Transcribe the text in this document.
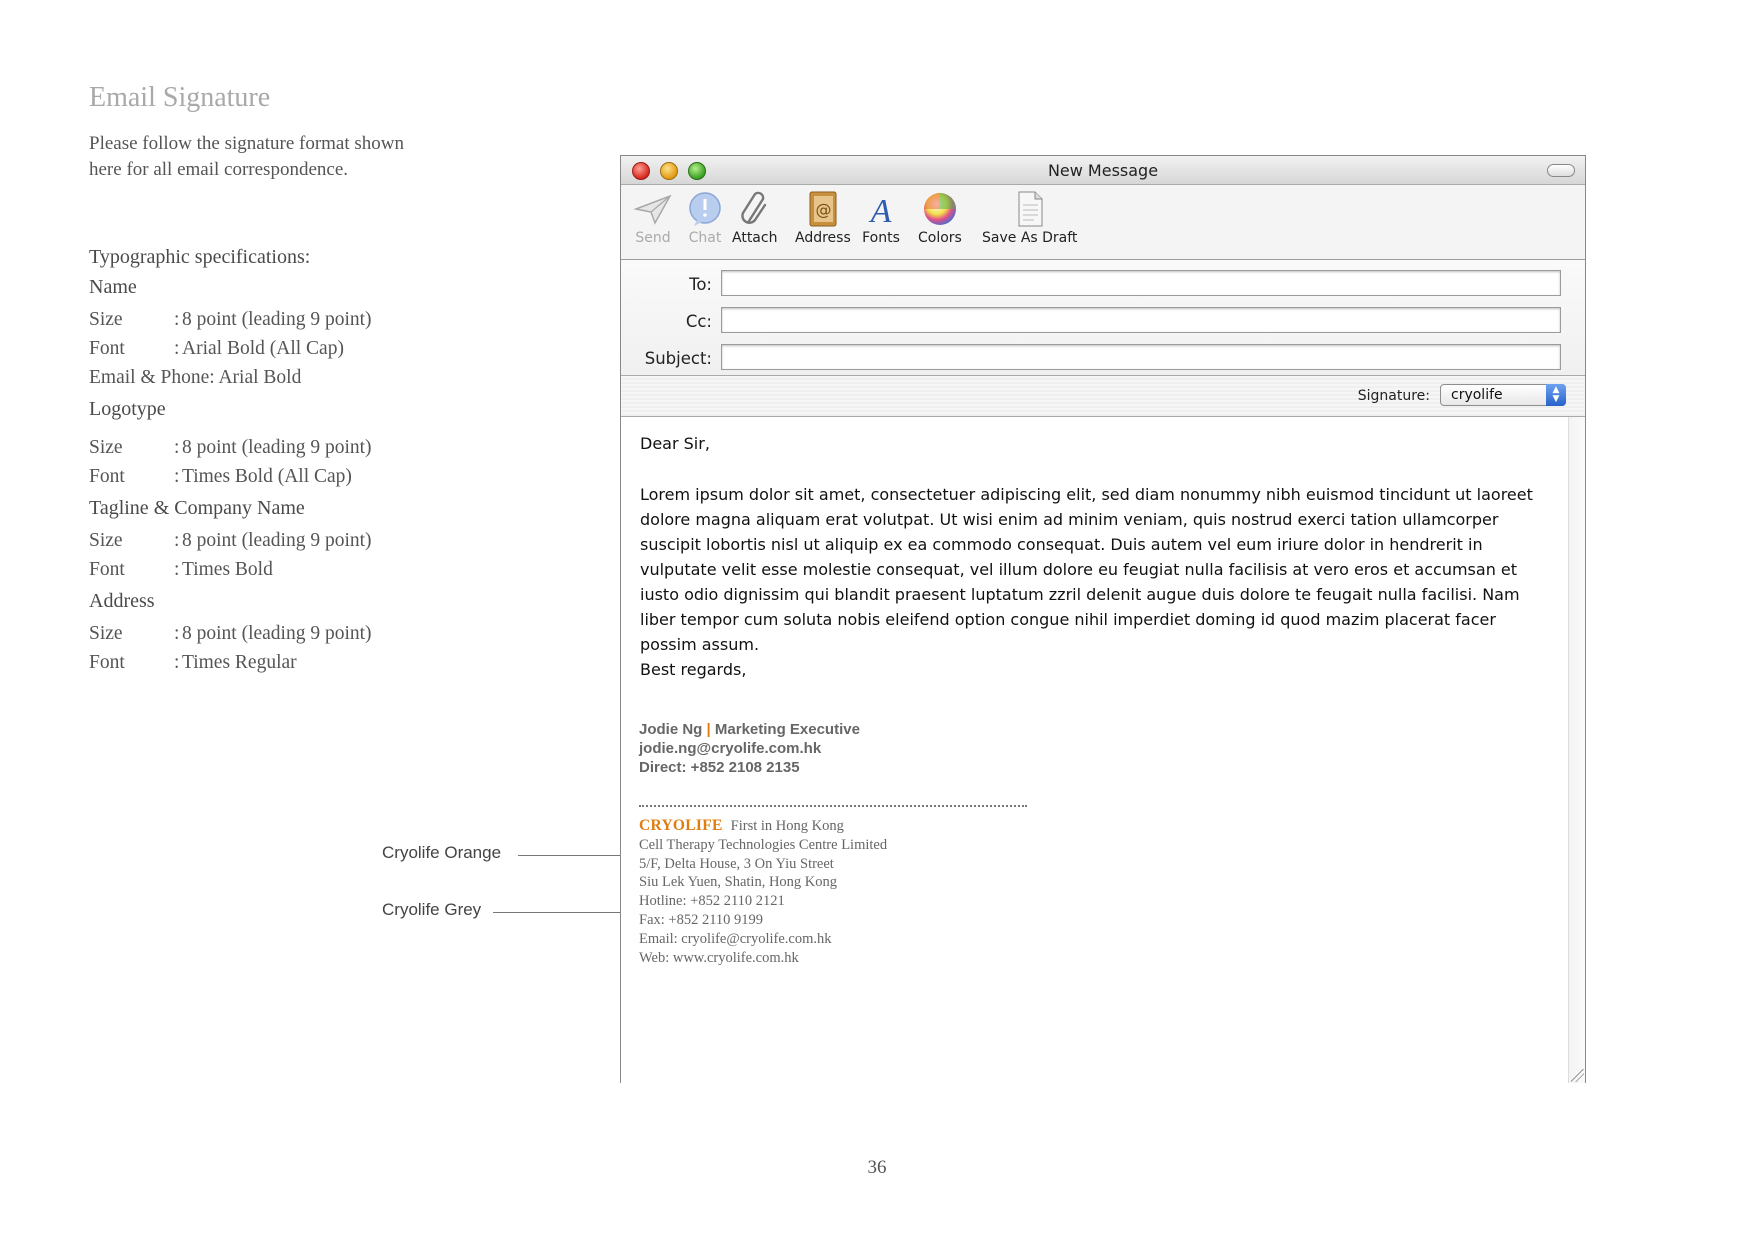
Email Signature
Please follow the signature format shown
here for all email correspondence.
Typographic specifications:
Name
Size	: 8 point (leading 9 point)
Font	: Arial Bold (All Cap)
Email & Phone: Arial Bold
Logotype
Size	: 8 point (leading 9 point)
Font	: Times Bold (All Cap)
Tagline & Company Name
Size	: 8 point (leading 9 point)
Font	: Times Bold
Address
Size	: 8 point (leading 9 point)
Font	: Times Regular
Cryolife Orange
Cryolife Grey
New Message
Send Chat Attach
@
Address
A
Fonts Colors Save As Draft
To:
Cc:
Subject:
Signature:	cryolife	▲
▼
Dear Sir,
Lorem ipsum dolor sit amet, consectetuer adipiscing elit, sed diam nonummy nibh euismod tincidunt ut laoreet dolore magna aliquam erat volutpat. Ut wisi enim ad minim veniam, quis nostrud exerci tation ullamcorper suscipit lobortis nisl ut aliquip ex ea commodo consequat. Duis autem vel eum iriure dolor in hendrerit in vulputate velit esse molestie consequat, vel illum dolore eu feugiat nulla facilisis at vero eros et accumsan et iusto odio dignissim qui blandit praesent luptatum zzril delenit augue duis dolore te feugait nulla facilisi. Nam liber tempor cum soluta nobis eleifend option congue nihil imperdiet doming id quod mazim placerat facer possim assum.
Best regards,
Jodie Ng | Marketing Executive
jodie.ng@cryolife.com.hk
Direct: +852 2108 2135
CRYOLIFE First in Hong Kong
Cell Therapy Technologies Centre Limited
5/F, Delta House, 3 On Yiu Street
Siu Lek Yuen, Shatin, Hong Kong
Hotline: +852 2110 2121
Fax: +852 2110 9199
Email: cryolife@cryolife.com.hk
Web: www.cryolife.com.hk
36
